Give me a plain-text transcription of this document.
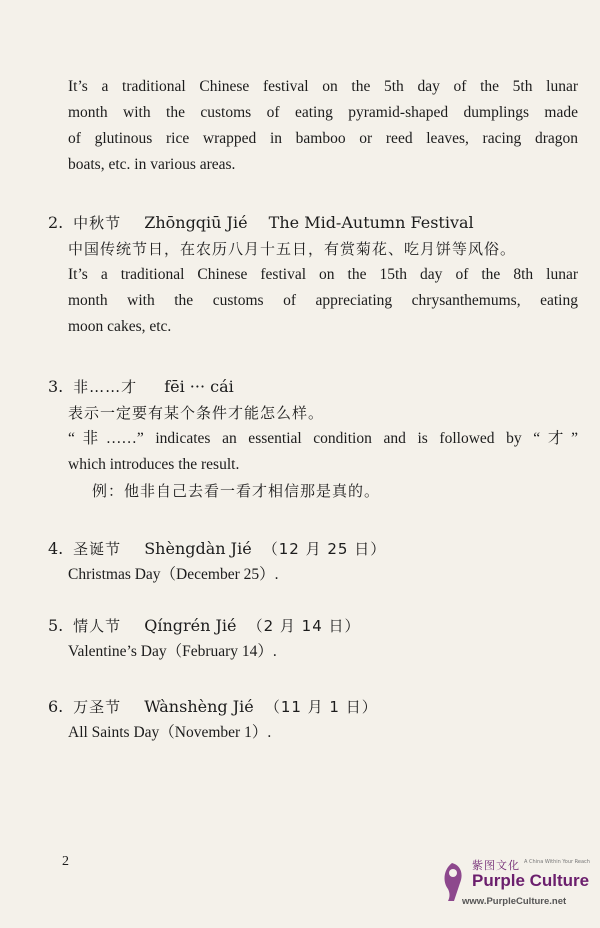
It’s a traditional Chinese festival on the 5th day of the 5th lunar
month with the customs of eating pyramid-shaped dumplings made
of glutinous rice wrapped in bamboo or reed leaves, racing dragon
boats, etc. in various areas.
2. 中秋节 Zhōngqiū Jié The Mid-Autumn Festival
中国传统节日，在农历八月十五日，有赏菊花、吃月饼等风俗。
It’s a traditional Chinese festival on the 15th day of the 8th lunar
month with the customs of appreciating chrysanthemums, eating
moon cakes, etc.
3. 非……才 fēi ··· cái
表示一定要有某个条件才能怎么样。
“非……” indicates an essential condition and is followed by “才”
which introduces the result.
例：他非自己去看一看才相信那是真的。
4. 圣诞节 Shèngdàn Jié （12 月 25 日）
Christmas Day（December 25）.
5. 情人节 Qíngrén Jié （2 月 14 日）
Valentine’s Day（February 14）.
6. 万圣节 Wànshèng Jié （11 月 1 日）
All Saints Day（November 1）.
2	紫图文化 A China Within Your Reach
Purple Culture
www.PurpleCulture.net
